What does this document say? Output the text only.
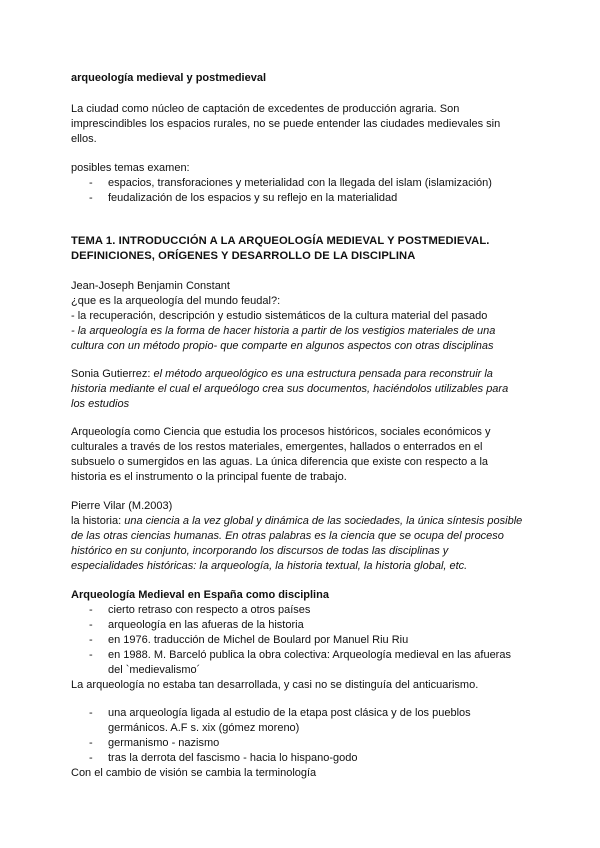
arqueología medieval y postmedieval
La ciudad como núcleo de captación de excedentes de producción agraria. Son
imprescindibles los espacios rurales, no se puede entender las ciudades medievales sin
ellos.
posibles temas examen:
- espacios, transforaciones y meterialidad con la llegada del islam (islamización)
- feudalización de los espacios y su reflejo en la materialidad
TEMA 1. INTRODUCCIÓN A LA ARQUEOLOGÍA MEDIEVAL Y POSTMEDIEVAL.
DEFINICIONES, ORÍGENES Y DESARROLLO DE LA DISCIPLINA
Jean-Joseph Benjamin Constant
¿que es la arqueología del mundo feudal?:
- la recuperación, descripción y estudio sistemáticos de la cultura material del pasado
- la arqueología es la forma de hacer historia a partir de los vestigios materiales de una
cultura con un método propio- que comparte en algunos aspectos con otras disciplinas
Sonia Gutierrez: el método arqueológico es una estructura pensada para reconstruir la
historia mediante el cual el arqueólogo crea sus documentos, haciéndolos utilizables para
los estudios
Arqueología como Ciencia que estudia los procesos históricos, sociales económicos y
culturales a través de los restos materiales, emergentes, hallados o enterrados en el
subsuelo o sumergidos en las aguas. La única diferencia que existe con respecto a la
historia es el instrumento o la principal fuente de trabajo.
Pierre Vilar (M.2003)
la historia: una ciencia a la vez global y dinámica de las sociedades, la única síntesis posible
de las otras ciencias humanas. En otras palabras es la ciencia que se ocupa del proceso
histórico en su conjunto, incorporando los discursos de todas las disciplinas y
especialidades históricas: la arqueología, la historia textual, la historia global, etc.
Arqueología Medieval en España como disciplina
- cierto retraso con respecto a otros países
- arqueología en las afueras de la historia
- en 1976. traducción de Michel de Boulard por Manuel Riu Riu
- en 1988. M. Barceló publica la obra colectiva: Arqueología medieval en las afueras
del `medievalismo´
La arqueología no estaba tan desarrollada, y casi no se distinguía del anticuarismo.
- una arqueología ligada al estudio de la etapa post clásica y de los pueblos
germánicos. A.F s. xix (gómez moreno)
- germanismo - nazismo
- tras la derrota del fascismo - hacia lo hispano-godo
Con el cambio de visión se cambia la terminología
